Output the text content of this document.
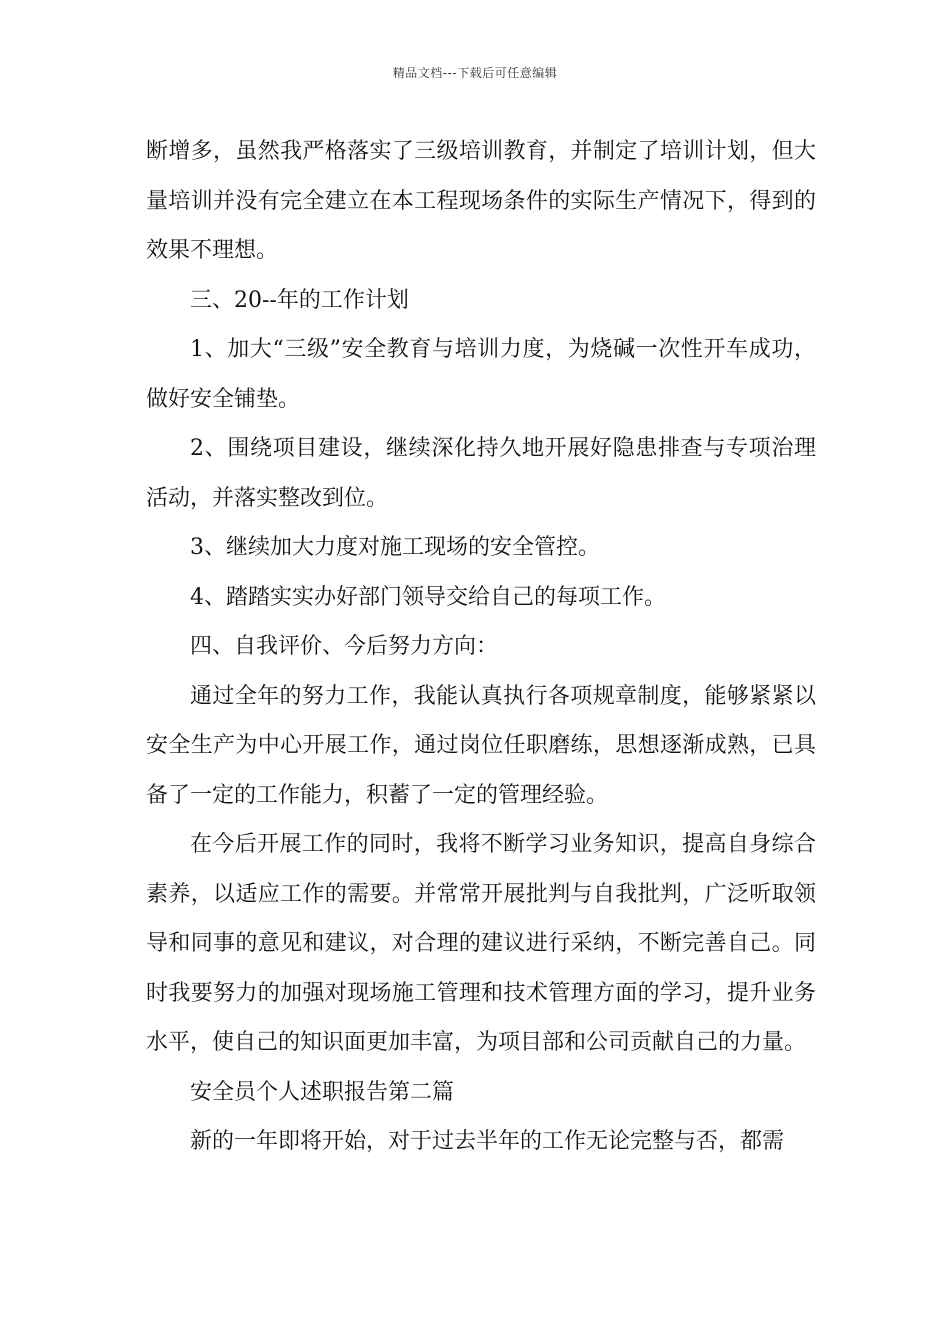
精品文档---下载后可任意编辑

断增多，虽然我严格落实了三级培训教育，并制定了培训计划，但大量培训并没有完全建立在本工程现场条件的实际生产情况下，得到的效果不理想。

三、20--年的工作计划

1、加大“三级”安全教育与培训力度，为烧碱一次性开车成功，做好安全铺垫。

2、围绕项目建设，继续深化持久地开展好隐患排查与专项治理活动，并落实整改到位。

3、继续加大力度对施工现场的安全管控。

4、踏踏实实办好部门领导交给自己的每项工作。

四、自我评价、今后努力方向：

通过全年的努力工作，我能认真执行各项规章制度，能够紧紧以安全生产为中心开展工作，通过岗位任职磨练，思想逐渐成熟，已具备了一定的工作能力，积蓄了一定的管理经验。

在今后开展工作的同时，我将不断学习业务知识，提高自身综合素养，以适应工作的需要。并常常开展批判与自我批判，广泛听取领导和同事的意见和建议，对合理的建议进行采纳，不断完善自己。同时我要努力的加强对现场施工管理和技术管理方面的学习，提升业务水平，使自己的知识面更加丰富，为项目部和公司贡献自己的力量。

安全员个人述职报告第二篇

新的一年即将开始，对于过去半年的工作无论完整与否，都需
